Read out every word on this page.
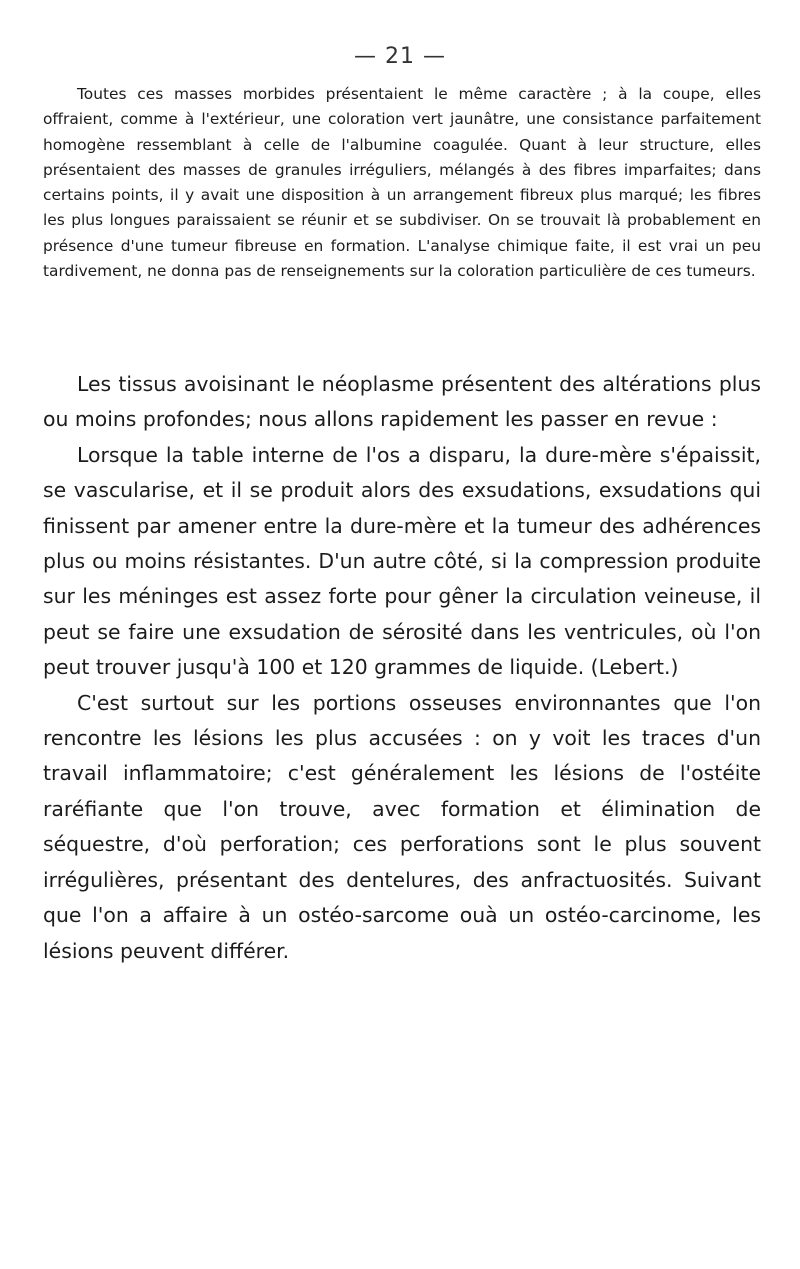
— 21 —

Toutes ces masses morbides présentaient le même caractère ; à la coupe, elles offraient, comme à l'extérieur, une coloration vert jaunâtre, une consistance parfaitement homogène ressemblant à celle de l'albumine coagulée. Quant à leur structure, elles présentaient des masses de granules irréguliers, mélangés à des fibres imparfaites; dans certains points, il y avait une disposition à un arrangement fibreux plus marqué; les fibres les plus longues paraissaient se réunir et se subdiviser. On se trouvait là probablement en présence d'une tumeur fibreuse en formation. L'analyse chimique faite, il est vrai un peu tardivement, ne donna pas de renseignements sur la coloration particulière de ces tumeurs.

Les tissus avoisinant le néoplasme présentent des altérations plus ou moins profondes; nous allons rapidement les passer en revue :

Lorsque la table interne de l'os a disparu, la dure-mère s'épaissit, se vascularise, et il se produit alors des exsudations, exsudations qui finissent par amener entre la dure-mère et la tumeur des adhérences plus ou moins résistantes. D'un autre côté, si la compression produite sur les méninges est assez forte pour gêner la circulation veineuse, il peut se faire une exsudation de sérosité dans les ventricules, où l'on peut trouver jusqu'à 100 et 120 grammes de liquide. (Lebert.)

C'est surtout sur les portions osseuses environnantes que l'on rencontre les lésions les plus accusées : on y voit les traces d'un travail inflammatoire; c'est généralement les lésions de l'ostéite raréfiante que l'on trouve, avec formation et élimination de séquestre, d'où perforation; ces perforations sont le plus souvent irrégulières, présentant des dentelures, des anfractuosités. Suivant que l'on a affaire à un ostéo-sarcome ouà un ostéo-carcinome, les lésions peuvent différer.
